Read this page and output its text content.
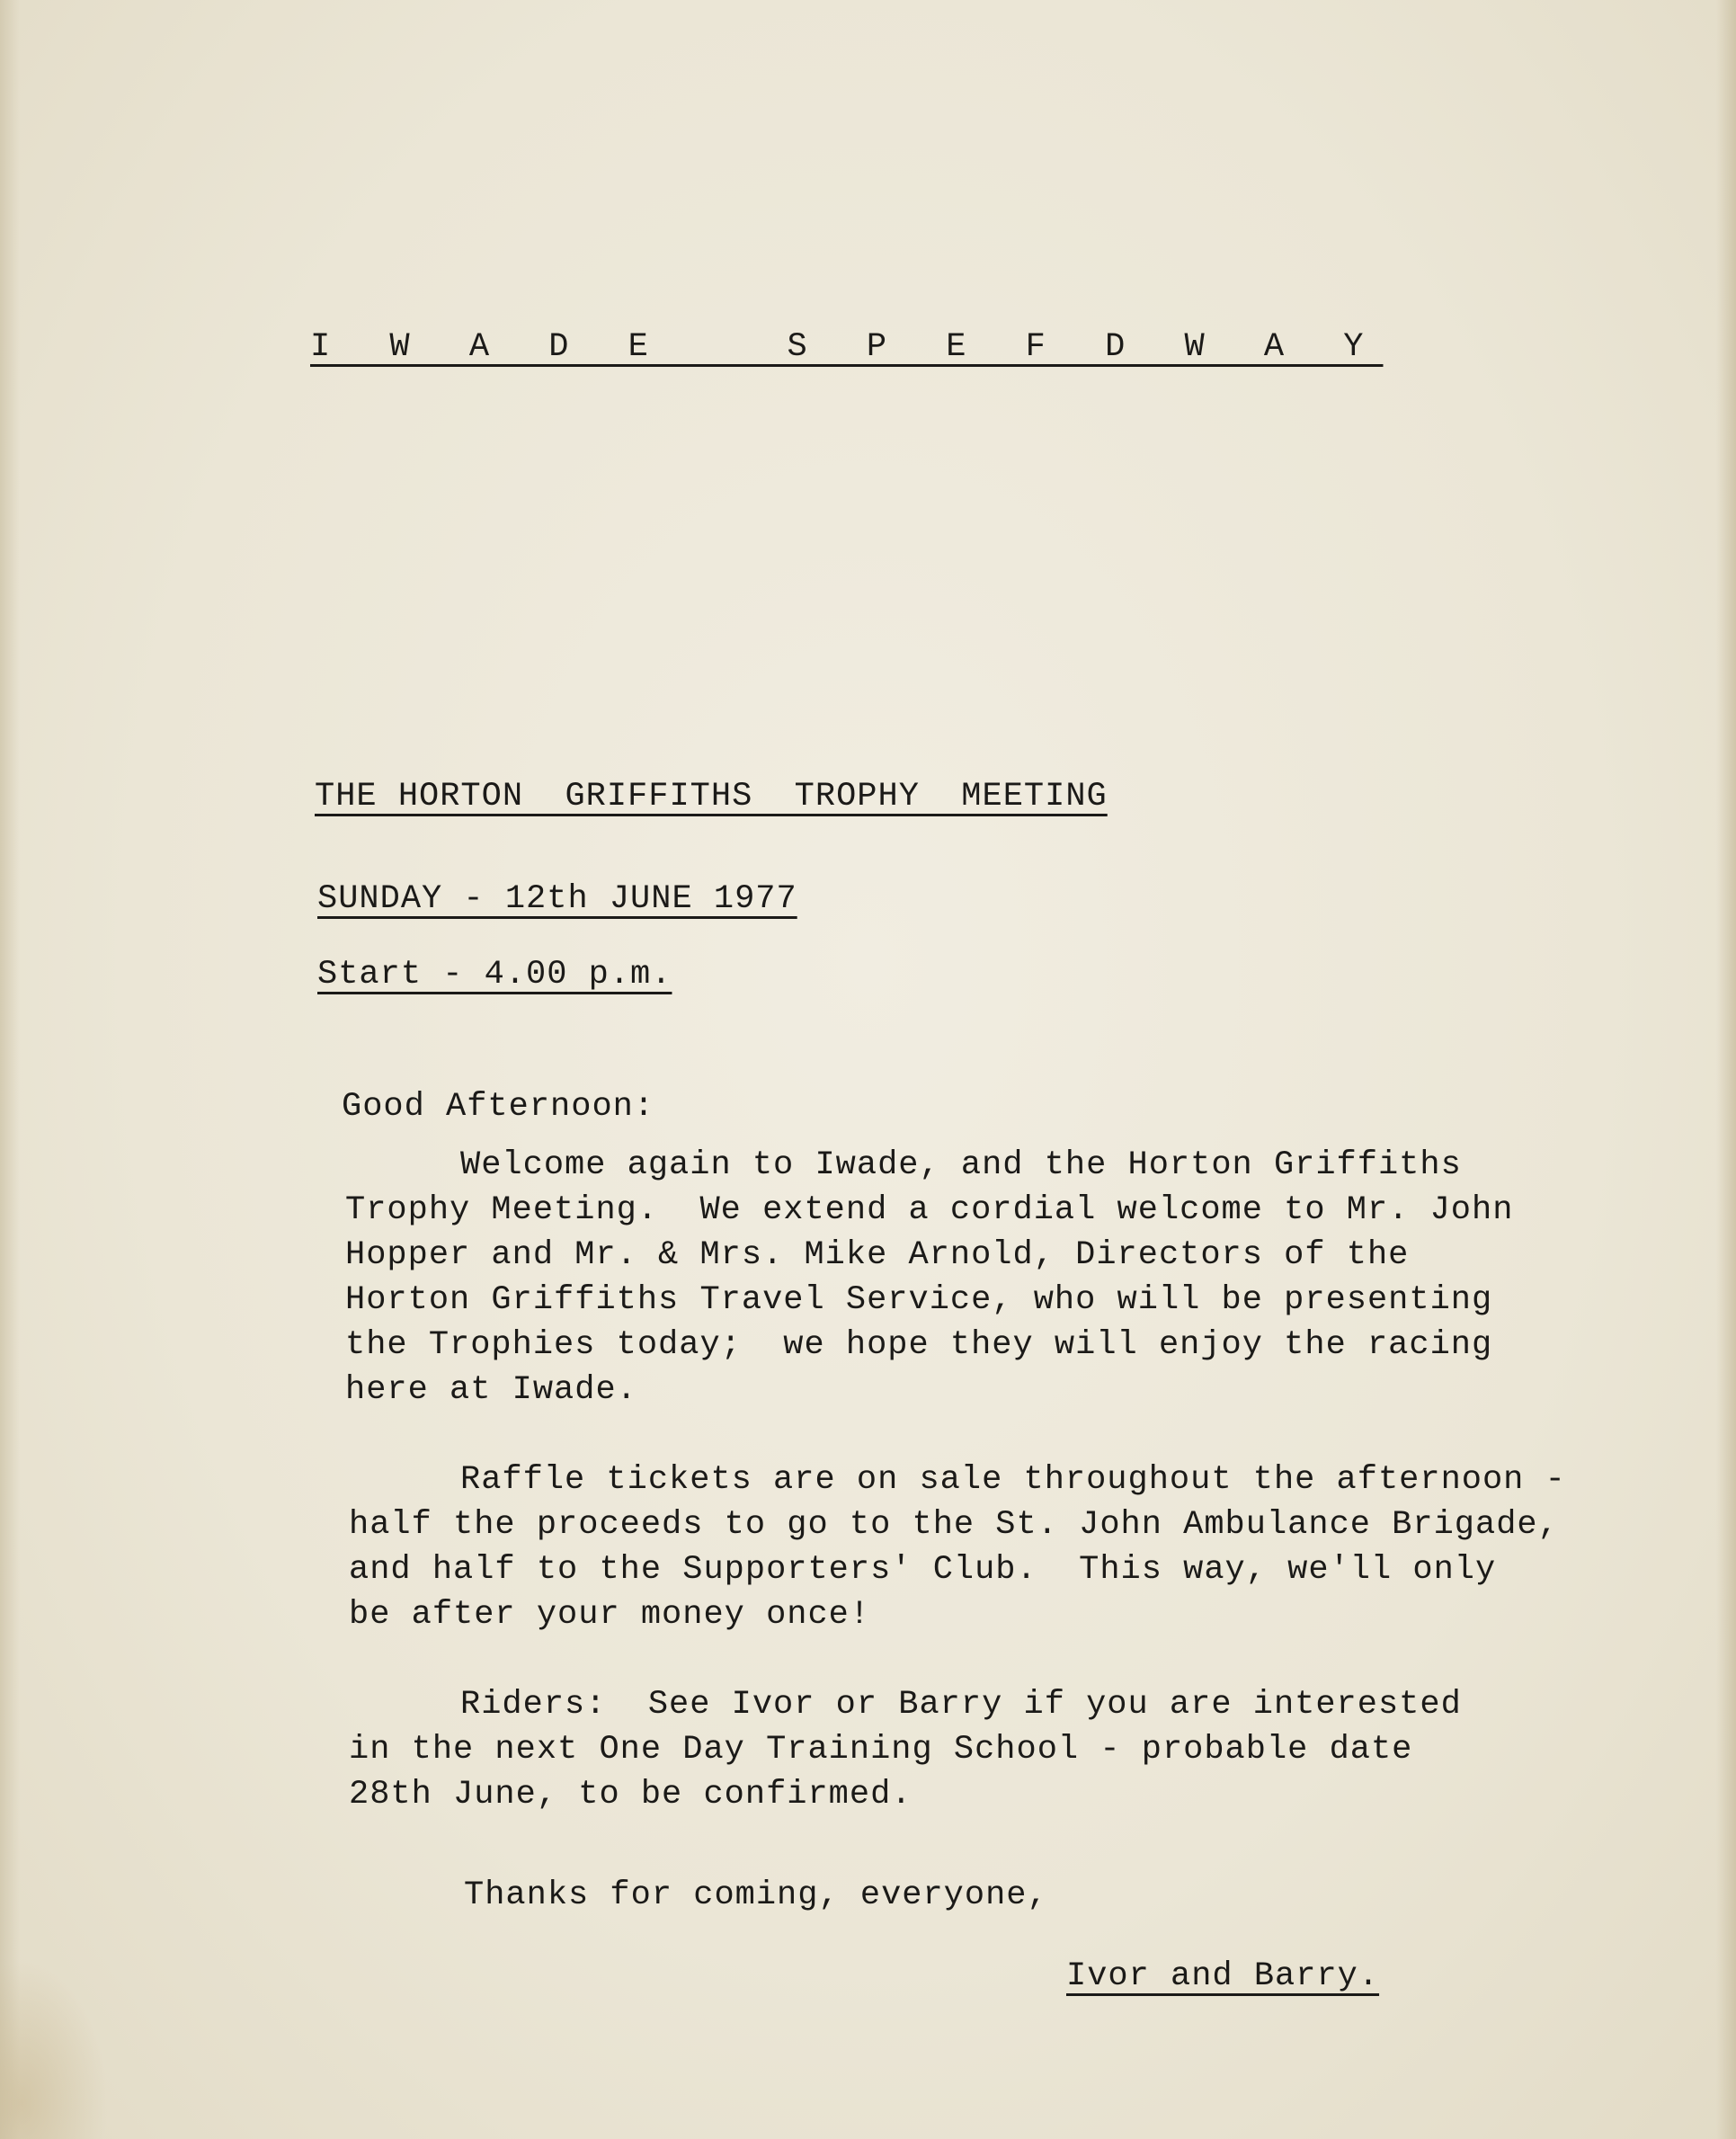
I W A D E   S P E F D W A Y

THE HORTON  GRIFFITHS  TROPHY  MEETING

SUNDAY - 12th JUNE 1977

Start - 4.00 p.m.

Good Afternoon:

Welcome again to Iwade, and the Horton Griffiths

Trophy Meeting.  We extend a cordial welcome to Mr. John

Hopper and Mr. & Mrs. Mike Arnold, Directors of the

Horton Griffiths Travel Service, who will be presenting

the Trophies today;  we hope they will enjoy the racing

here at Iwade.

Raffle tickets are on sale throughout the afternoon -

half the proceeds to go to the St. John Ambulance Brigade,

and half to the Supporters' Club.  This way, we'll only

be after your money once!

Riders:  See Ivor or Barry if you are interested

in the next One Day Training School - probable date

28th June, to be confirmed.

Thanks for coming, everyone,

Ivor and Barry.
